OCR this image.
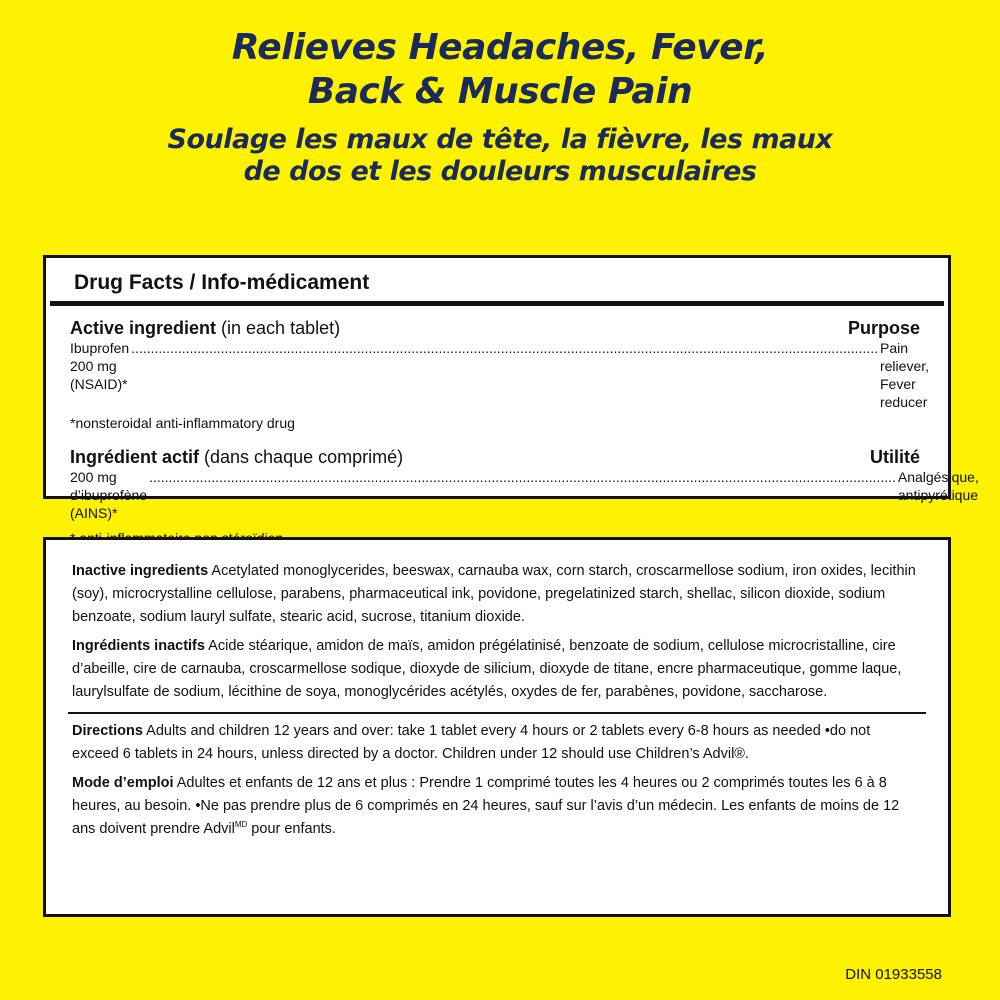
Relieves Headaches, Fever,
Back & Muscle Pain
Soulage les maux de tête, la fièvre, les maux
de dos et les douleurs musculaires
Drug Facts / Info-médicament
Active ingredient (in each tablet)	Purpose
Ibuprofen 200 mg (NSAID)*
................................................................................................................................................................................................ Pain reliever, Fever reducer
*nonsteroidal anti-inflammatory drug
Ingrédient actif (dans chaque comprimé)	Utilité
200 mg d’ibuprofène (AINS)*
................................................................................................................................................................................................ Analgésique, antipyrétique
Inactive ingredients Acetylated monoglycerides, beeswax, carnauba wax, corn starch, croscarmellose sodium, iron oxides, lecithin (soy), microcrystalline cellulose, parabens, pharmaceutical ink, povidone, pregelatinized starch, shellac, silicon dioxide, sodium benzoate, sodium lauryl sulfate, stearic acid, sucrose, titanium dioxide.
Ingrédients inactifs Acide stéarique, amidon de maïs, amidon prégélatinisé, benzoate de sodium, cellulose microcristalline, cire d’abeille, cire de carnauba, croscarmellose sodique, dioxyde de silicium, dioxyde de titane, encre pharmaceutique, gomme laque, laurylsulfate de sodium, lécithine de soya, monoglycérides acétylés, oxydes de fer, parabènes, povidone, saccharose.
Directions Adults and children 12 years and over: take 1 tablet every 4 hours or 2 tablets every 6-8 hours as needed •do not exceed 6 tablets in 24 hours, unless directed by a doctor. Children under 12 should use Children’s Advil®.
Mode d’emploi Adultes et enfants de 12 ans et plus : Prendre 1 comprimé toutes les 4 heures ou 2 comprimés toutes les 6 à 8 heures, au besoin. •Ne pas prendre plus de 6 comprimés en 24 heures, sauf sur l’avis d’un médecin. Les enfants de moins de 12 ans doivent prendre Advil$^{MD}$ pour enfants.
DIN 01933558
